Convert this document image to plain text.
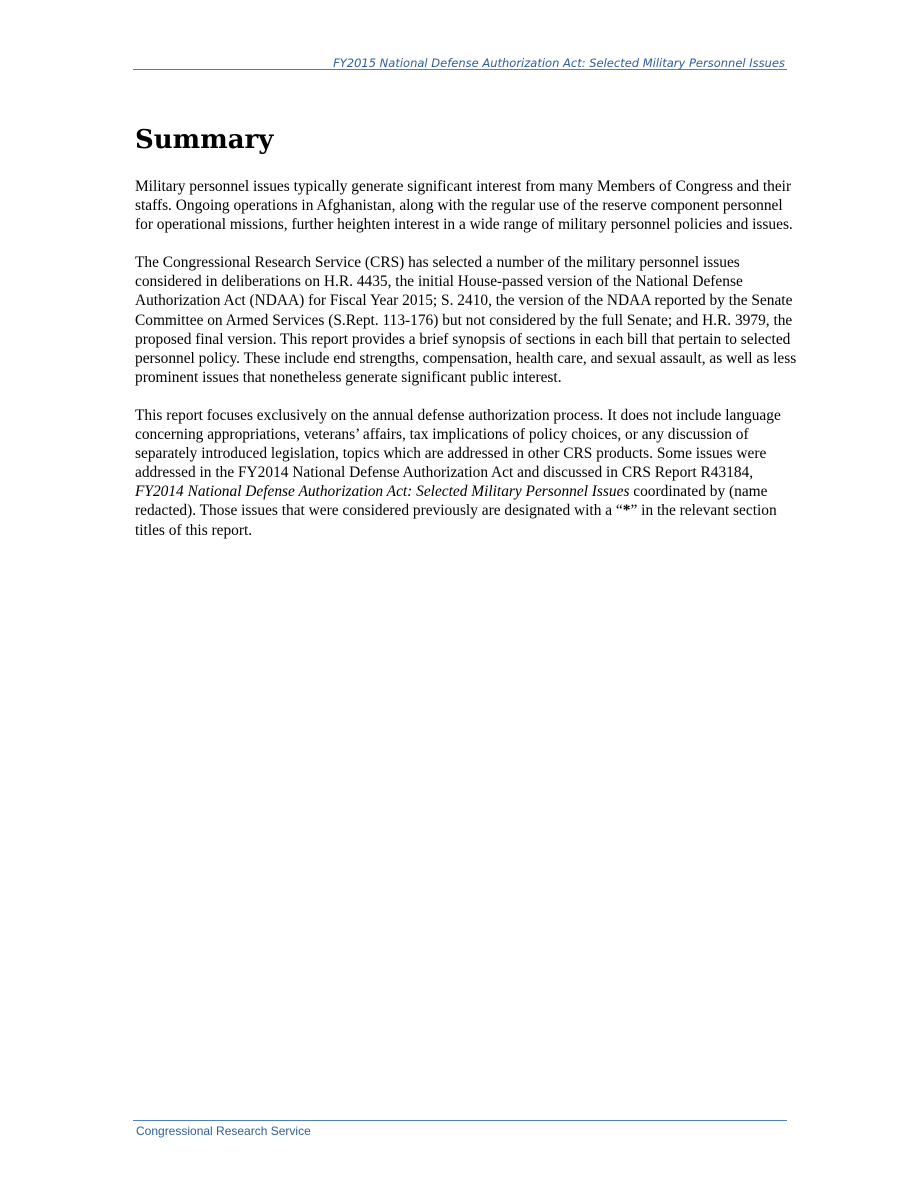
FY2015 National Defense Authorization Act: Selected Military Personnel Issues
Summary

Military personnel issues typically generate significant interest from many Members of Congress and their staffs. Ongoing operations in Afghanistan, along with the regular use of the reserve component personnel for operational missions, further heighten interest in a wide range of military personnel policies and issues.

The Congressional Research Service (CRS) has selected a number of the military personnel issues considered in deliberations on H.R. 4435, the initial House-passed version of the National Defense Authorization Act (NDAA) for Fiscal Year 2015; S. 2410, the version of the NDAA reported by the Senate Committee on Armed Services (S.Rept. 113-176) but not considered by the full Senate; and H.R. 3979, the proposed final version. This report provides a brief synopsis of sections in each bill that pertain to selected personnel policy. These include end strengths, compensation, health care, and sexual assault, as well as less prominent issues that nonetheless generate significant public interest.

This report focuses exclusively on the annual defense authorization process. It does not include language concerning appropriations, veterans’ affairs, tax implications of policy choices, or any discussion of separately introduced legislation, topics which are addressed in other CRS products. Some issues were addressed in the FY2014 National Defense Authorization Act and discussed in CRS Report R43184, FY2014 National Defense Authorization Act: Selected Military Personnel Issues coordinated by (name redacted). Those issues that were considered previously are designated with a “*” in the relevant section titles of this report.

Congressional Research Service
